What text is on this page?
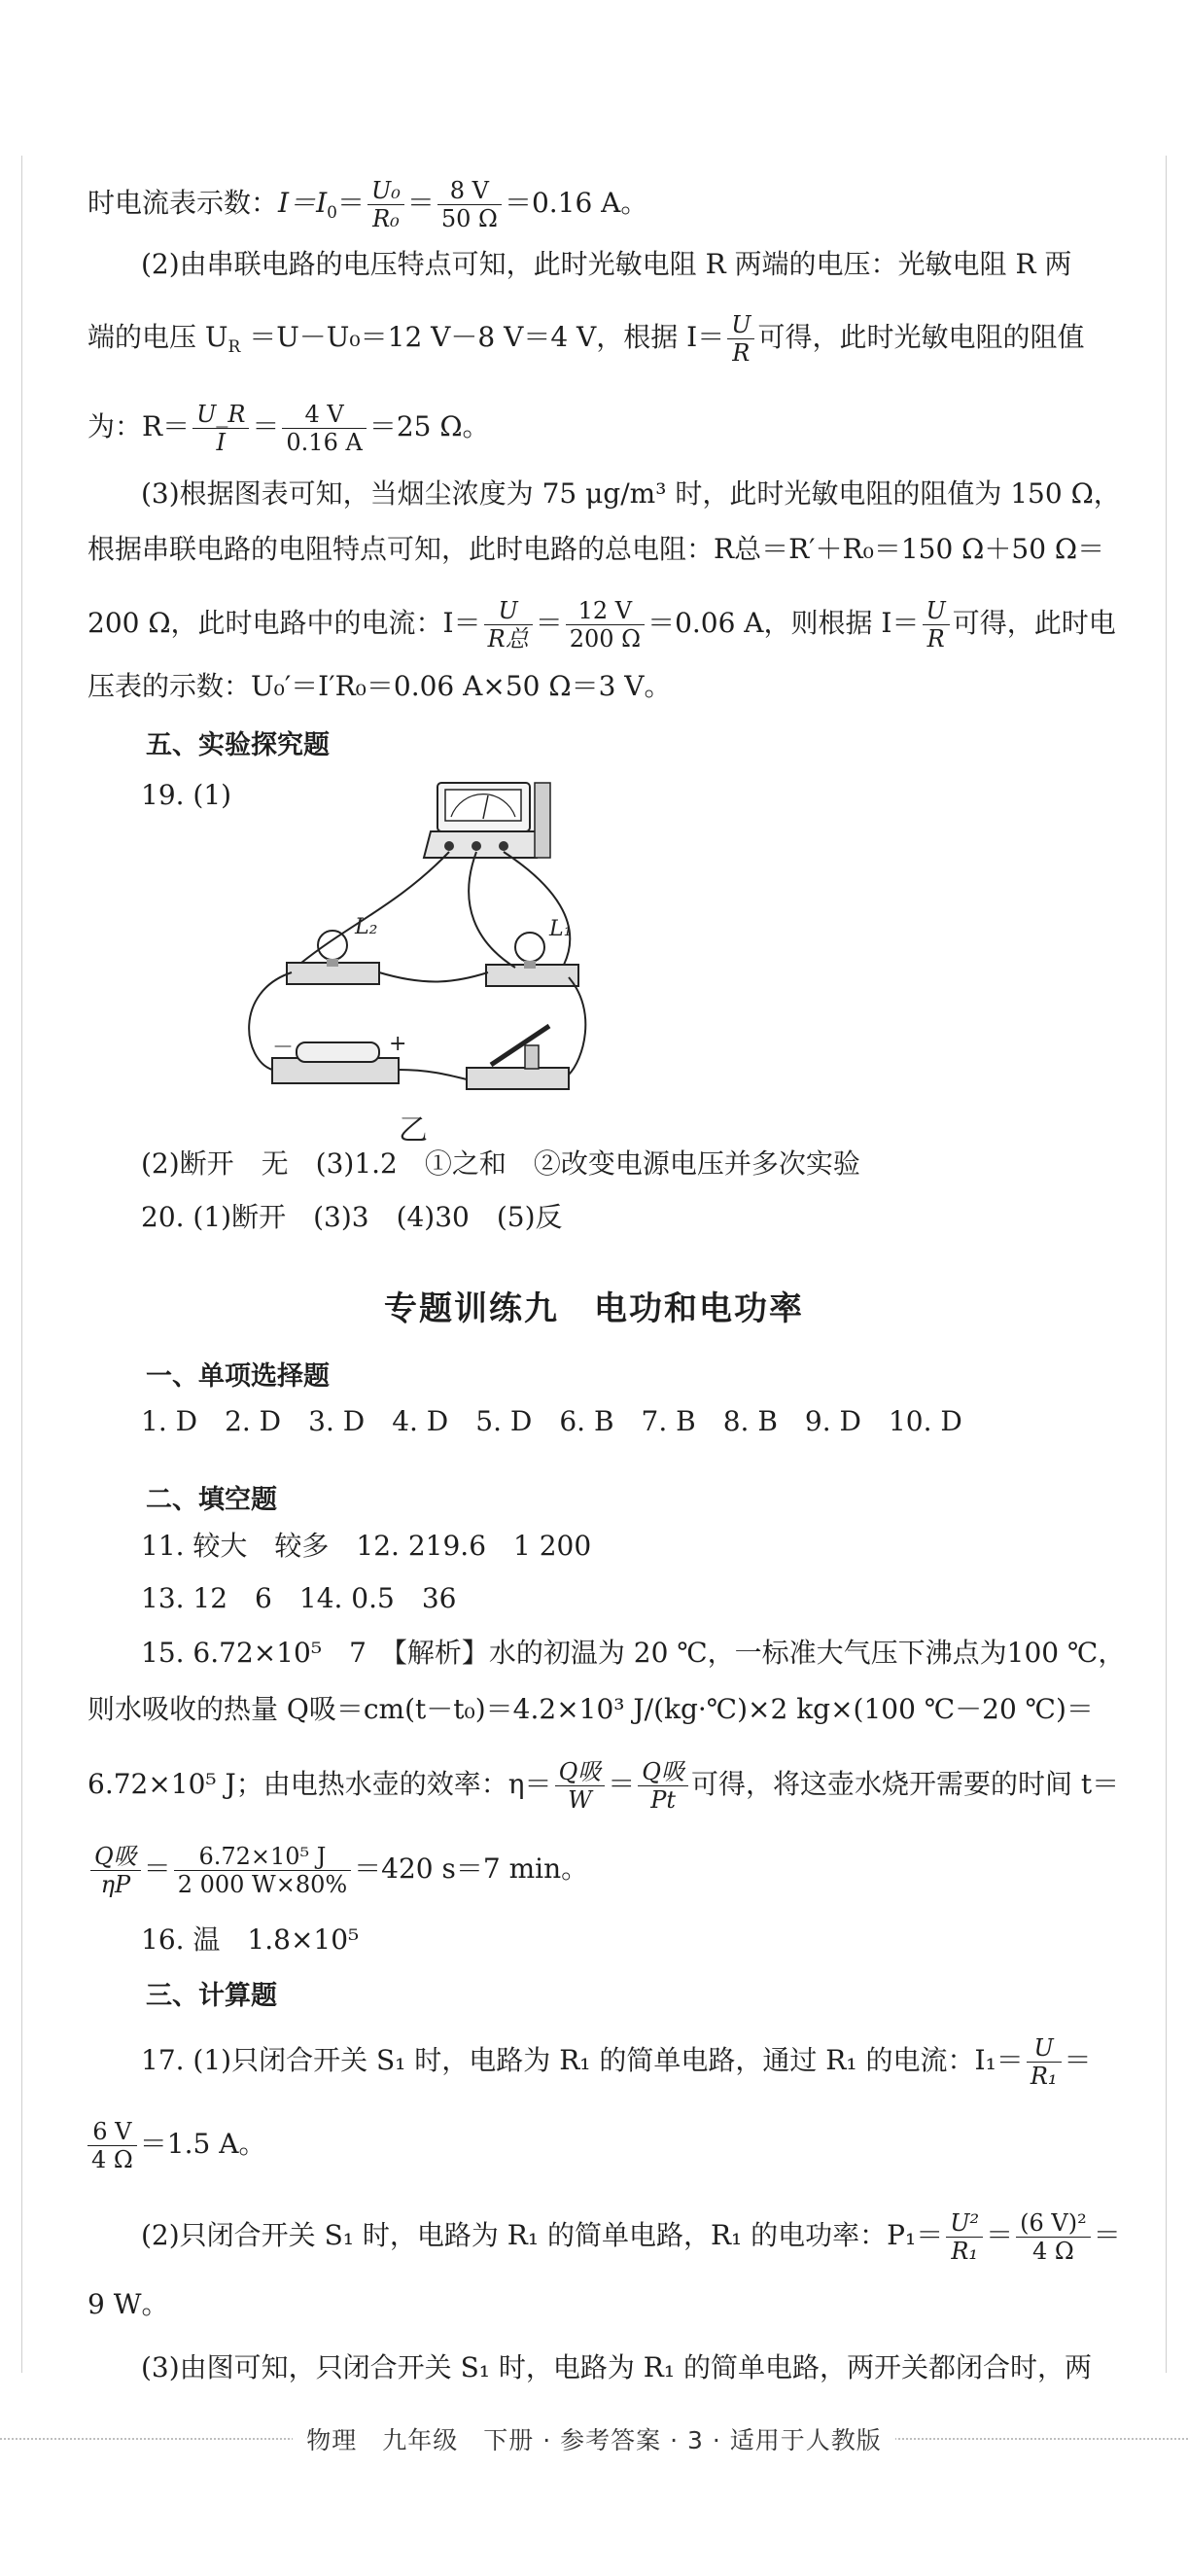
时电流表示数：$I=I_0= \frac{\text{U₀}}{\text{R₀}} = \frac{8 V}{50 \Omega} =0.16$ A。
(2)由串联电路的电压特点可知，此时光敏电阻 R 两端的电压：光敏电阻 R 两
端的电压 $U_R =U-U_0=12$ V－8 V＝4 V，根据 $I= \frac{U}{R}$ 可得，此时光敏电阻的阻值
为：$R= \frac{U\_R}{I} = \frac{4 V}{0.16 A} =25$ Ω。
(3)根据图表可知，当烟尘浓度为 75 μg/m³ 时，此时光敏电阻的阻值为 150 Ω，
根据串联电路的电阻特点可知，此时电路的总电阻：R总＝R′＋R₀＝150 Ω＋50 Ω＝
200 Ω，此时电路中的电流：$I= \frac{U}{\text{R总}} = \frac{12 V}{200 \Omega} =0.06$ A，则根据 $I= \frac{U}{R}$ 可得，此时电
压表的示数：U₀′＝I′R₀＝0.06 A×50 Ω＝3 V。
五、实验探究题
19. (1)
L₂	L₁
－	+
乙
(2)断开　无　(3)1.2　①之和　②改变电源电压并多次实验
20. (1)断开　(3)3　(4)30　(5)反
专题训练九　电功和电功率
一、单项选择题
1. D　2. D　3. D　4. D　5. D　6. B　7. B　8. B　9. D　10. D
二、填空题
11. 较大　较多　12. 219.6　1 200
13. 12　6　14. 0.5　36
15. 6.72×10⁵　7　【解析】水的初温为 20 ℃，一标准大气压下沸点为100 ℃，
则水吸收的热量 Q吸＝cm(t－t₀)＝4.2×10³ J/(kg·℃)×2 kg×(100 ℃－20 ℃)＝
6.72×10⁵ J；由电热水壶的效率：$\eta= \frac{\text{Q吸}}{W} = \frac{\text{Q吸}}{Pt}$ 可得，将这壶水烧开需要的时间 t＝
$\frac{\text{Q吸}}{\eta P} = \frac{\text{6.72×10⁵ J}}{2 000 W\times 80\%} =420$ s＝7 min。
16. 温　1.8×10⁵
三、计算题
17. (1)只闭合开关 S₁ 时，电路为 R₁ 的简单电路，通过 R₁ 的电流：$I_1= \frac{U}{\text{R₁}}$ ＝
$\frac{6 V}{4 \Omega} =1.5$ A。
(2)只闭合开关 S₁ 时，电路为 R₁ 的简单电路，R₁ 的电功率：$P_1= \frac{\text{U²}}{\text{R₁}} = \frac{\text{(6 V)²}}{4 \Omega}$ ＝
9 W。
(3)由图可知，只闭合开关 S₁ 时，电路为 R₁ 的简单电路，两开关都闭合时，两
物理　九年级　下册 · 参考答案 · 3 · 适用于人教版
